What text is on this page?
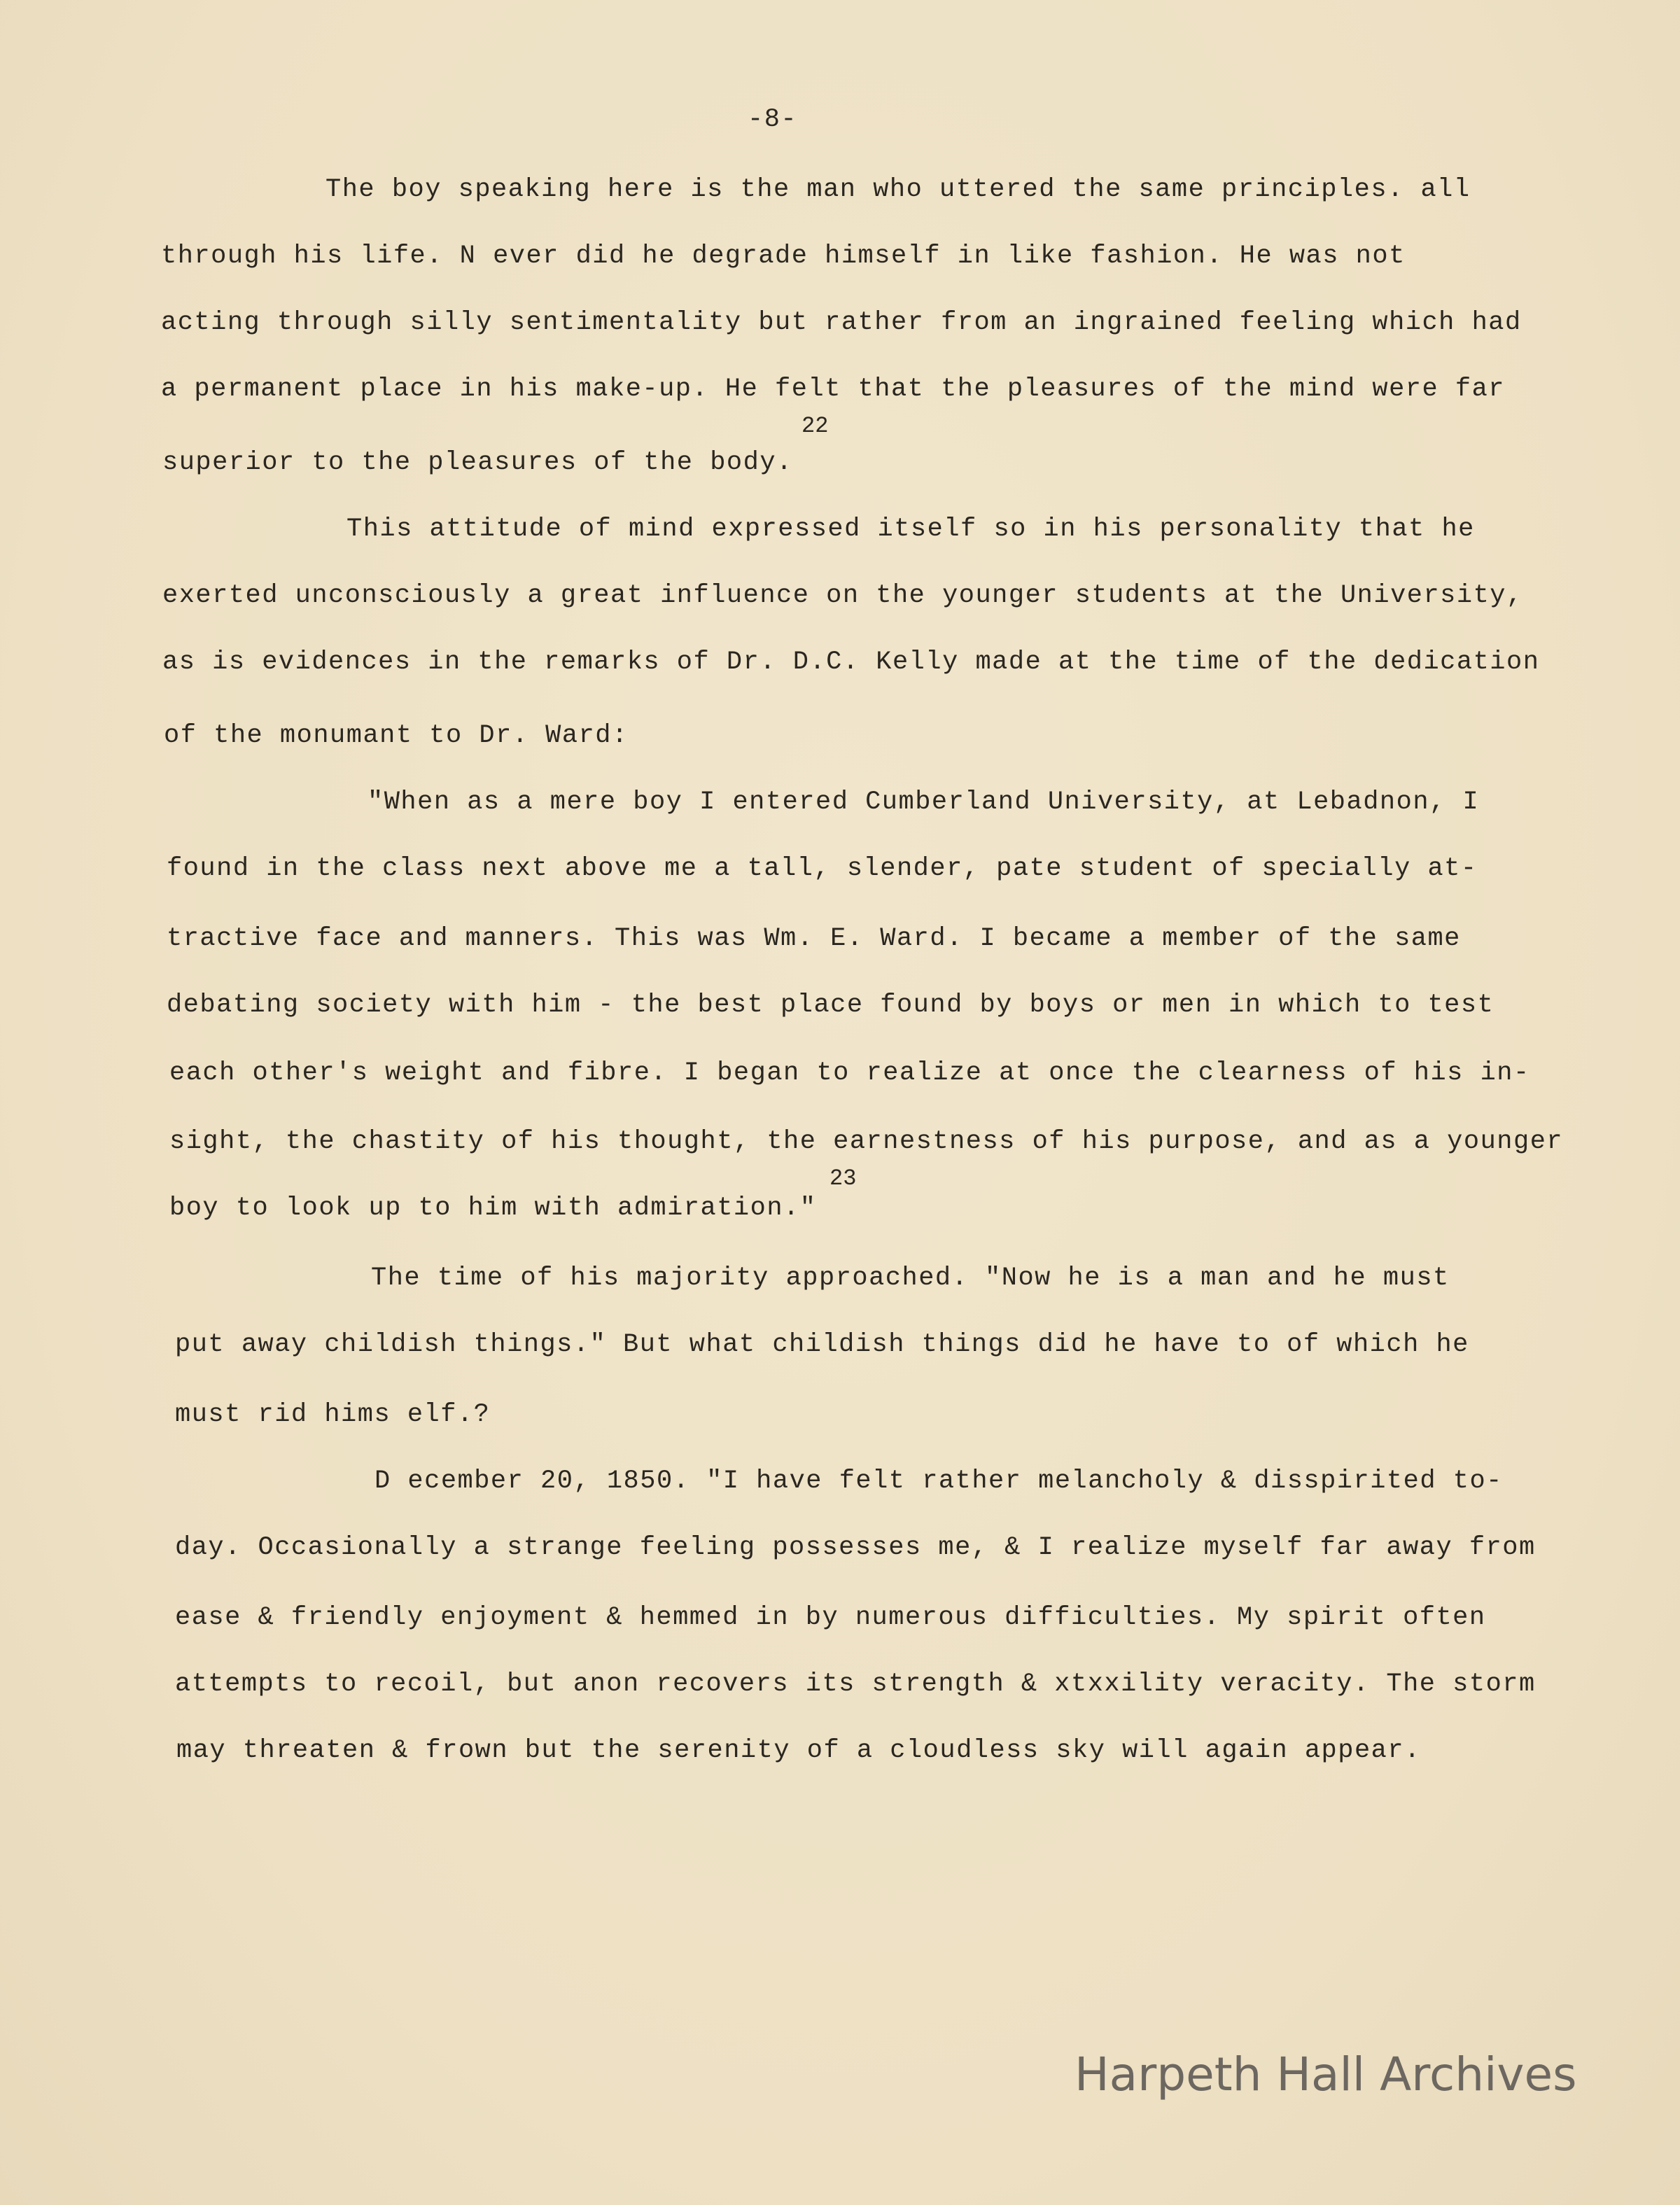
-8-
The boy speaking here is the man who uttered the same principles. all
through his life. N ever did he degrade himself in like fashion. He was not
acting through silly sentimentality but rather from an ingrained feeling which had
a permanent place in his make-up. He felt that the pleasures of the mind were far
22
superior to the pleasures of the body.
This attitude of mind expressed itself so in his personality that he
exerted unconsciously a great influence on the younger students at the University,
as is evidences in the remarks of Dr. D.C. Kelly made at the time of the dedication
of the monumant to Dr. Ward:
"When as a mere boy I entered Cumberland University, at Lebadnon, I
found in the class next above me a tall, slender, pate student of specially at-
tractive face and manners. This was Wm. E. Ward. I became a member of the same
debating society with him - the best place found by boys or men in which to test
each other's weight and fibre. I began to realize at once the clearness of his in-
sight, the chastity of his thought, the earnestness of his purpose, and as a younger
23
boy to look up to him with admiration."
The time of his majority approached. "Now he is a man and he must
put away childish things." But what childish things did he have to of which he
must rid hims elf.?
D ecember 20, 1850. "I have felt rather melancholy & disspirited to-
day. Occasionally a strange feeling possesses me, & I realize myself far away from
ease & friendly enjoyment & hemmed in by numerous difficulties. My spirit often
attempts to recoil, but anon recovers its strength & xtxxility veracity. The storm
may threaten & frown but the serenity of a cloudless sky will again appear.
Harpeth Hall Archives
